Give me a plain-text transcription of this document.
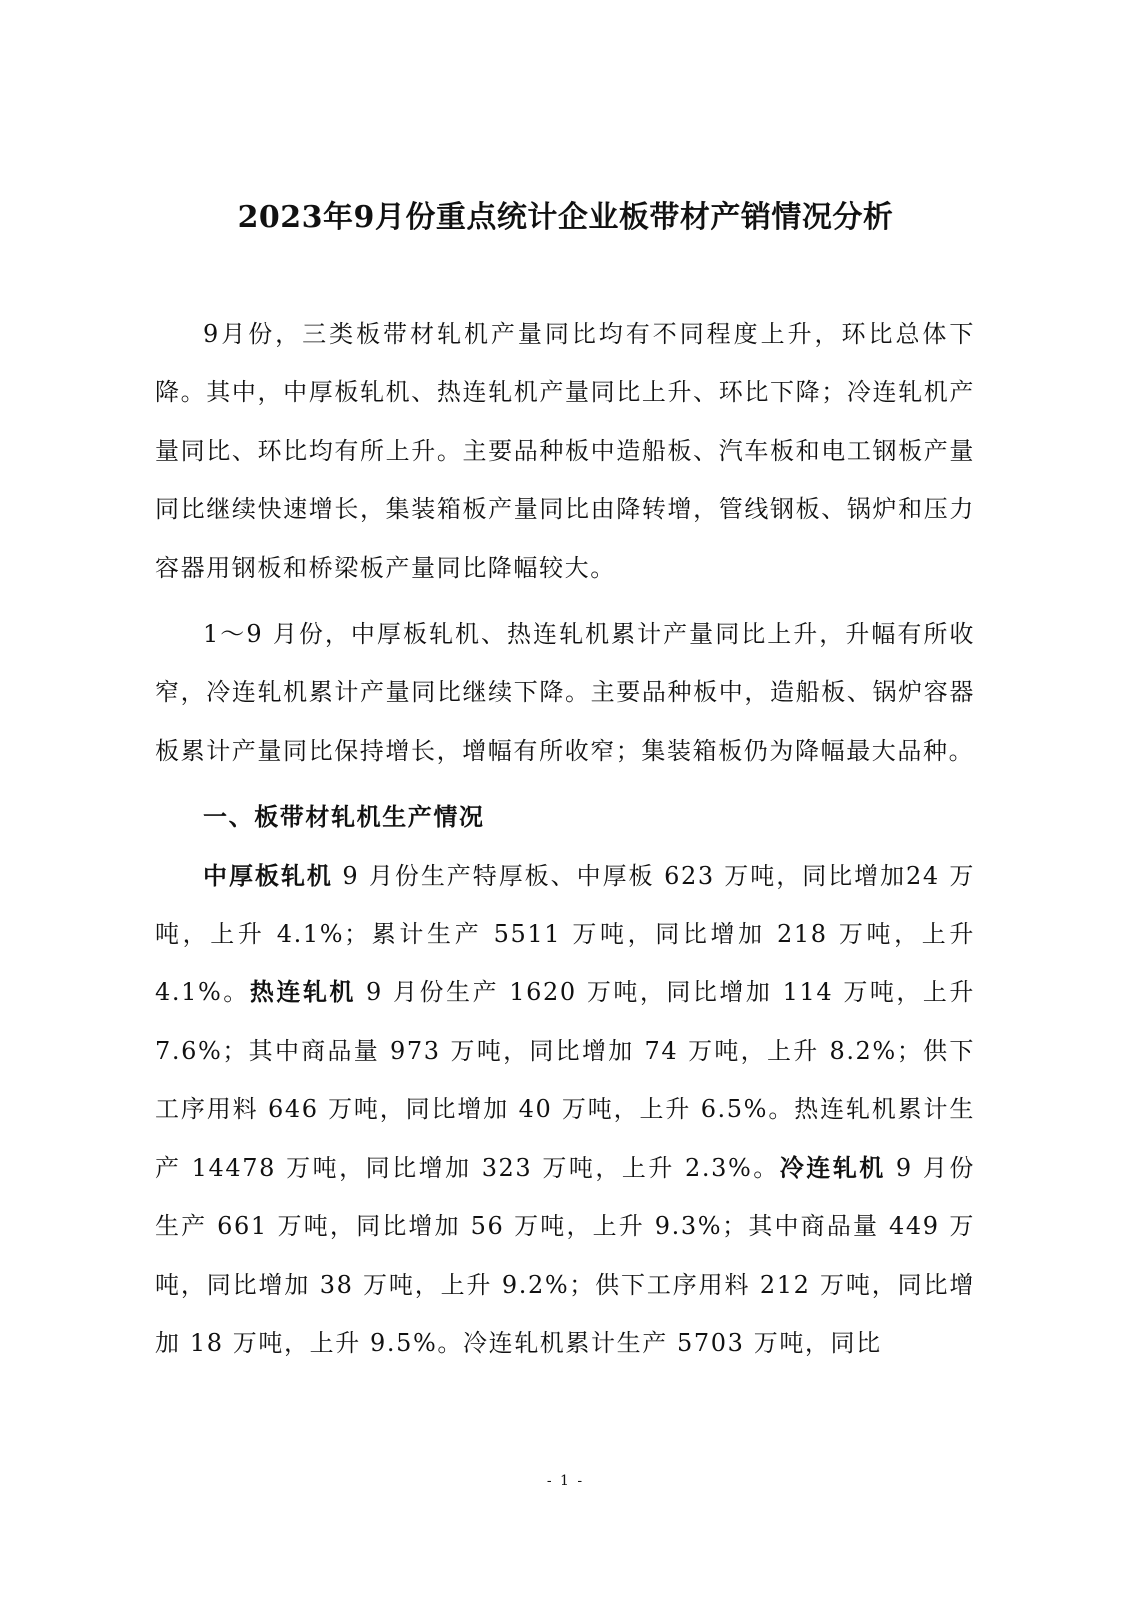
2023年9月份重点统计企业板带材产销情况分析

9月份，三类板带材轧机产量同比均有不同程度上升，环比总体下降。其中，中厚板轧机、热连轧机产量同比上升、环比下降；冷连轧机产量同比、环比均有所上升。主要品种板中造船板、汽车板和电工钢板产量同比继续快速增长，集装箱板产量同比由降转增，管线钢板、锅炉和压力容器用钢板和桥梁板产量同比降幅较大。

1～9 月份，中厚板轧机、热连轧机累计产量同比上升，升幅有所收窄，冷连轧机累计产量同比继续下降。主要品种板中，造船板、锅炉容器板累计产量同比保持增长，增幅有所收窄；集装箱板仍为降幅最大品种。

一、板带材轧机生产情况

中厚板轧机 9 月份生产特厚板、中厚板 623 万吨，同比增加24 万吨，上升 4.1%；累计生产 5511 万吨，同比增加 218 万吨，上升 4.1%。热连轧机 9 月份生产 1620 万吨，同比增加 114 万吨，上升 7.6%；其中商品量 973 万吨，同比增加 74 万吨，上升 8.2%；供下工序用料 646 万吨，同比增加 40 万吨，上升 6.5%。热连轧机累计生产 14478 万吨，同比增加 323 万吨，上升 2.3%。冷连轧机 9 月份生产 661 万吨，同比增加 56 万吨，上升 9.3%；其中商品量 449 万吨，同比增加 38 万吨，上升 9.2%；供下工序用料 212 万吨，同比增加 18 万吨，上升 9.5%。冷连轧机累计生产 5703 万吨，同比

- 1 -
